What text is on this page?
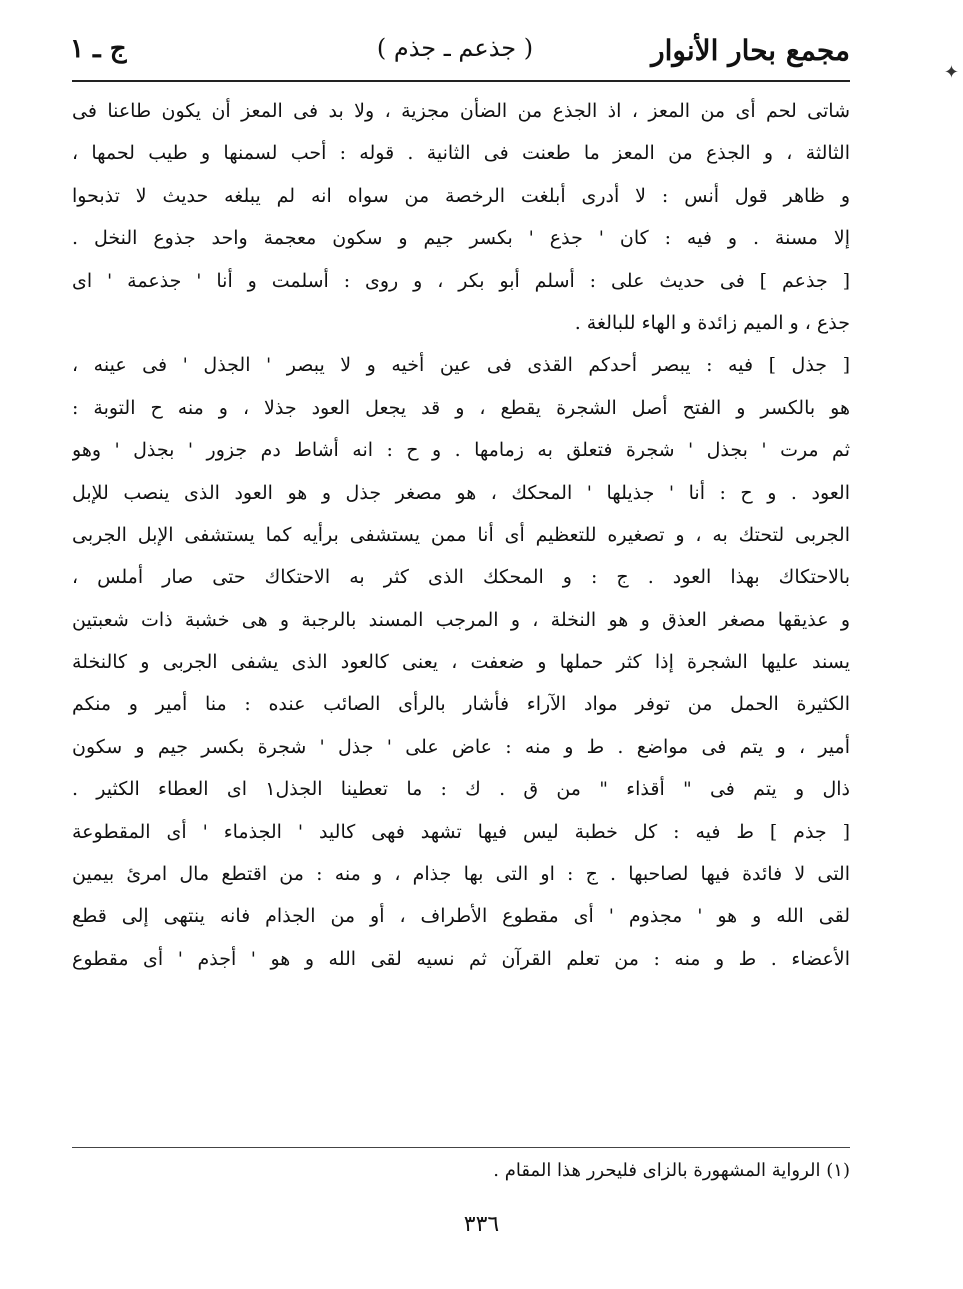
مجمع بحار الأنوار
( جذعم ـ جذم )
ج ـ ١
✦
شاتى لحم أى من المعز ، اذ الجذع من الضأن مجزية ، ولا بد فى المعز أن يكون طاعنا فى
الثالثة ، و الجذع من المعز ما طعنت فى الثانية . قوله : أحب لسمنها و طيب لحمها ،
و ظاهر قول أنس : لا أدرى أبلغت الرخصة من سواه انه لم يبلغه حديث لا تذبحوا
إلا مسنة . و فيه : كان ' جذع ' بكسر جيم و سكون معجمة واحد جذوع النخل .
[ جذعم ] فى حديث على : أسلم أبو بكر ، و روى : أسلمت و أنا ' جذعمة ' اى
جذع ، و الميم زائدة و الهاء للبالغة .
[ جذل ] فيه : يبصر أحدكم القذى فى عين أخيه و لا يبصر ' الجذل ' فى عينه ،
هو بالكسر و الفتح أصل الشجرة يقطع ، و قد يجعل العود جذلا ، و منه ح التوبة :
ثم مرت ' بجذل ' شجرة فتعلق به زمامها . و ح : انه أشاط دم جزور ' بجذل ' وهو
العود . و ح : أنا ' جذيلها ' المحكك ، هو مصغر جذل و هو العود الذى ينصب للإبل
الجربى لتحتك به ، و تصغيره للتعظيم أى أنا ممن يستشفى برأيه كما يستشفى الإبل الجربى
بالاحتكاك بهذا العود . ج : و المحكك الذى كثر به الاحتكاك حتى صار أملس ،
و عذيقها مصغر العذق و هو النخلة ، و المرجب المسند بالرجبة و هى خشبة ذات شعبتين
يسند عليها الشجرة إذا كثر حملها و ضعفت ، يعنى كالعود الذى يشفى الجربى و كالنخلة
الكثيرة الحمل من توفر مواد الآراء فأشار بالرأى الصائب عنده : منا أمير و منكم
أمير ، و يتم فى مواضع . ط و منه : عاض على ' جذل ' شجرة بكسر جيم و سكون
ذال و يتم فى " أقذاء " من ق . ك : ما تعطينا الجذل١ اى العطاء الكثير .
[ جذم ] ط فيه : كل خطبة ليس فيها تشهد فهى كاليد ' الجذماء ' أى المقطوعة
التى لا فائدة فيها لصاحبها . ج : او التى بها جذام ، و منه : من اقتطع مال امرئ بيمين
لقى الله و هو ' مجذوم ' أى مقطوع الأطراف ، أو من الجذام فانه ينتهى إلى قطع
الأعضاء . ط و منه : من تعلم القرآن ثم نسيه لقى الله و هو ' أجذم ' أى مقطوع
(١) الرواية المشهورة بالزاى فليحرر هذا المقام .
٣٣٦
